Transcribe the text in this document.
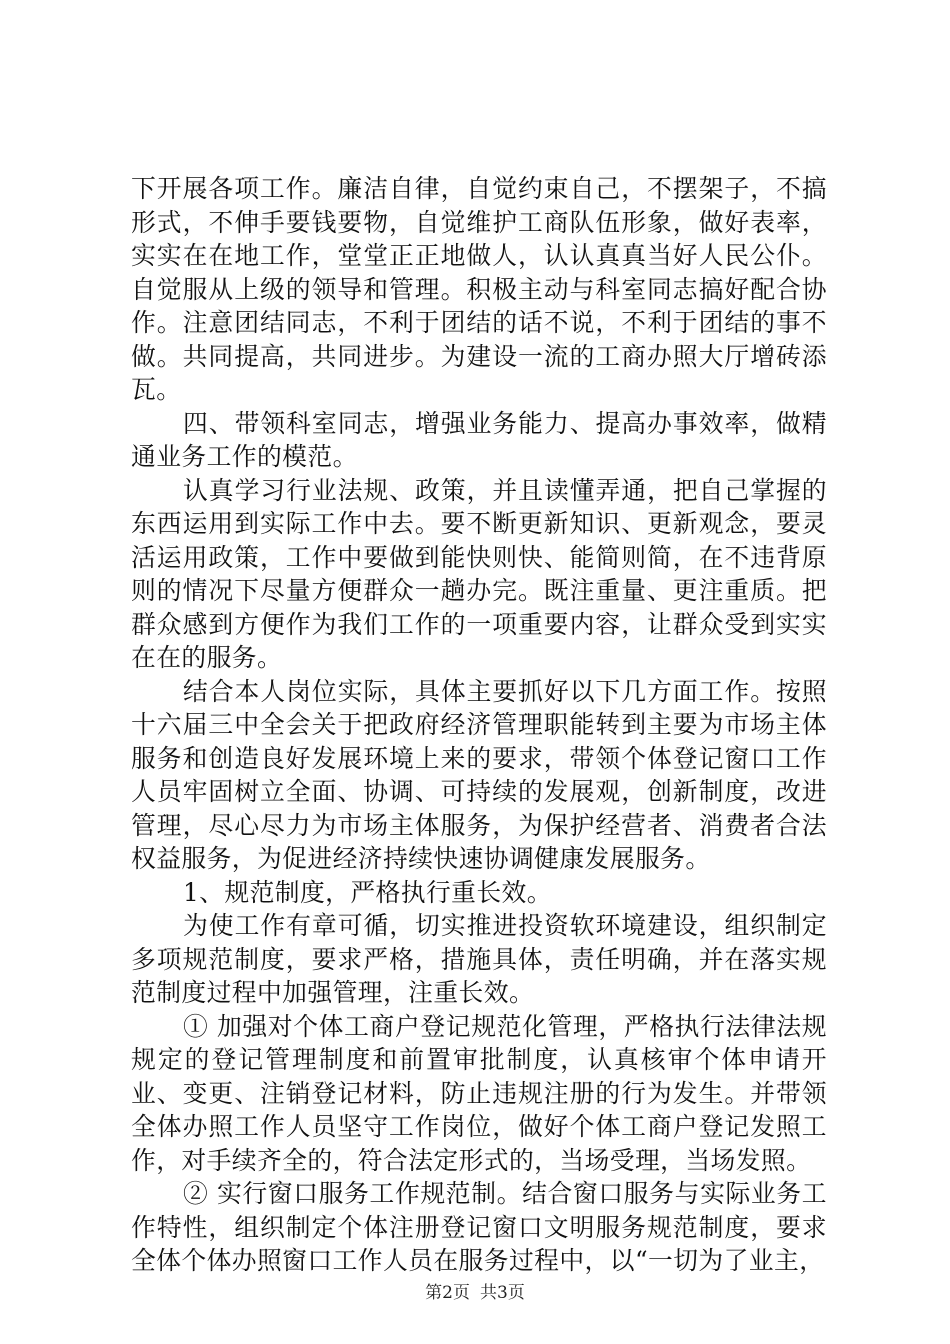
下开展各项工作。廉洁自律，自觉约束自己，不摆架子，不搞形式，不伸手要钱要物，自觉维护工商队伍形象，做好表率，实实在在地工作，堂堂正正地做人，认认真真当好人民公仆。自觉服从上级的领导和管理。积极主动与科室同志搞好配合协作。注意团结同志，不利于团结的话不说，不利于团结的事不做。共同提高，共同进步。为建设一流的工商办照大厅增砖添瓦。

四、带领科室同志，增强业务能力、提高办事效率，做精通业务工作的模范。

认真学习行业法规、政策，并且读懂弄通，把自己掌握的东西运用到实际工作中去。要不断更新知识、更新观念，要灵活运用政策，工作中要做到能快则快、能简则简，在不违背原则的情况下尽量方便群众一趟办完。既注重量、更注重质。把群众感到方便作为我们工作的一项重要内容，让群众受到实实在在的服务。

结合本人岗位实际，具体主要抓好以下几方面工作。按照十六届三中全会关于把政府经济管理职能转到主要为市场主体服务和创造良好发展环境上来的要求，带领个体登记窗口工作人员牢固树立全面、协调、可持续的发展观，创新制度，改进管理，尽心尽力为市场主体服务，为保护经营者、消费者合法权益服务，为促进经济持续快速协调健康发展服务。

1、规范制度，严格执行重长效。

为使工作有章可循，切实推进投资软环境建设，组织制定多项规范制度，要求严格，措施具体，责任明确，并在落实规范制度过程中加强管理，注重长效。

① 加强对个体工商户登记规范化管理，严格执行法律法规规定的登记管理制度和前置审批制度，认真核审个体申请开业、变更、注销登记材料，防止违规注册的行为发生。并带领全体办照工作人员坚守工作岗位，做好个体工商户登记发照工作，对手续齐全的，符合法定形式的，当场受理，当场发照。

② 实行窗口服务工作规范制。结合窗口服务与实际业务工作特性，组织制定个体注册登记窗口文明服务规范制度，要求全体个体办照窗口工作人员在服务过程中，以“一切为了业主，

第2页 共3页
